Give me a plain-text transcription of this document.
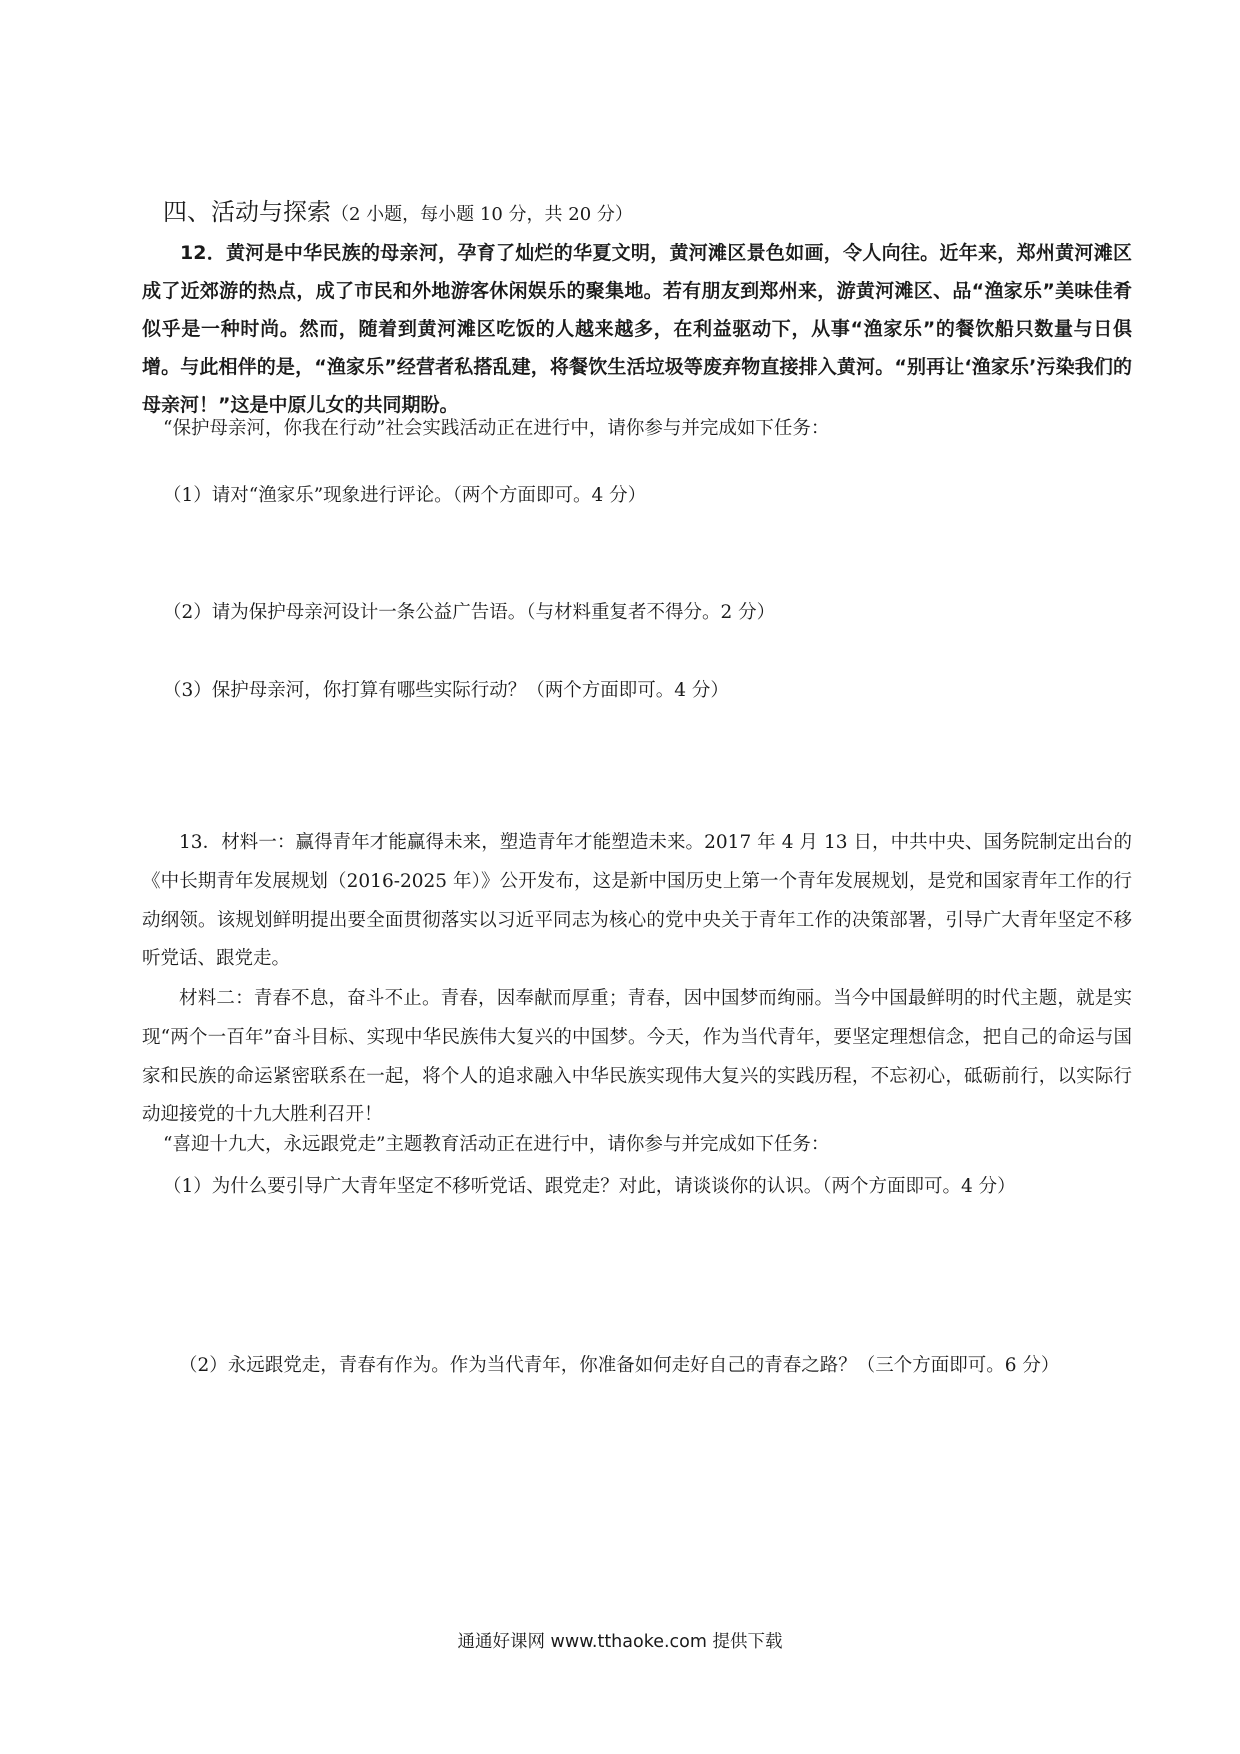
四、活动与探索（2 小题，每小题 10 分，共 20 分）
12．黄河是中华民族的母亲河，孕育了灿烂的华夏文明，黄河滩区景色如画，令人向往。近年来，郑州黄河滩区成了近郊游的热点，成了市民和外地游客休闲娱乐的聚集地。若有朋友到郑州来，游黄河滩区、品“渔家乐”美味佳肴似乎是一种时尚。然而，随着到黄河滩区吃饭的人越来越多，在利益驱动下，从事“渔家乐”的餐饮船只数量与日俱增。与此相伴的是，“渔家乐”经营者私搭乱建，将餐饮生活垃圾等废弃物直接排入黄河。“别再让‘渔家乐’污染我们的母亲河！”这是中原儿女的共同期盼。
“保护母亲河，你我在行动”社会实践活动正在进行中，请你参与并完成如下任务：
（1）请对“渔家乐”现象进行评论。（两个方面即可。4 分）
（2）请为保护母亲河设计一条公益广告语。（与材料重复者不得分。2 分）
（3）保护母亲河，你打算有哪些实际行动？（两个方面即可。4 分）
13．材料一：赢得青年才能赢得未来，塑造青年才能塑造未来。2017 年 4 月 13 日，中共中央、国务院制定出台的《中长期青年发展规划（2016-2025 年）》公开发布，这是新中国历史上第一个青年发展规划，是党和国家青年工作的行动纲领。该规划鲜明提出要全面贯彻落实以习近平同志为核心的党中央关于青年工作的决策部署，引导广大青年坚定不移听党话、跟党走。
材料二：青春不息，奋斗不止。青春，因奉献而厚重；青春，因中国梦而绚丽。当今中国最鲜明的时代主题，就是实现“两个一百年”奋斗目标、实现中华民族伟大复兴的中国梦。今天，作为当代青年，要坚定理想信念，把自己的命运与国家和民族的命运紧密联系在一起，将个人的追求融入中华民族实现伟大复兴的实践历程，不忘初心，砥砺前行，以实际行动迎接党的十九大胜利召开！
“喜迎十九大，永远跟党走”主题教育活动正在进行中，请你参与并完成如下任务：
（1）为什么要引导广大青年坚定不移听党话、跟党走？对此，请谈谈你的认识。（两个方面即可。4 分）
（2）永远跟党走，青春有作为。作为当代青年，你准备如何走好自己的青春之路？（三个方面即可。6 分）
通通好课网 www.tthaoke.com 提供下载
